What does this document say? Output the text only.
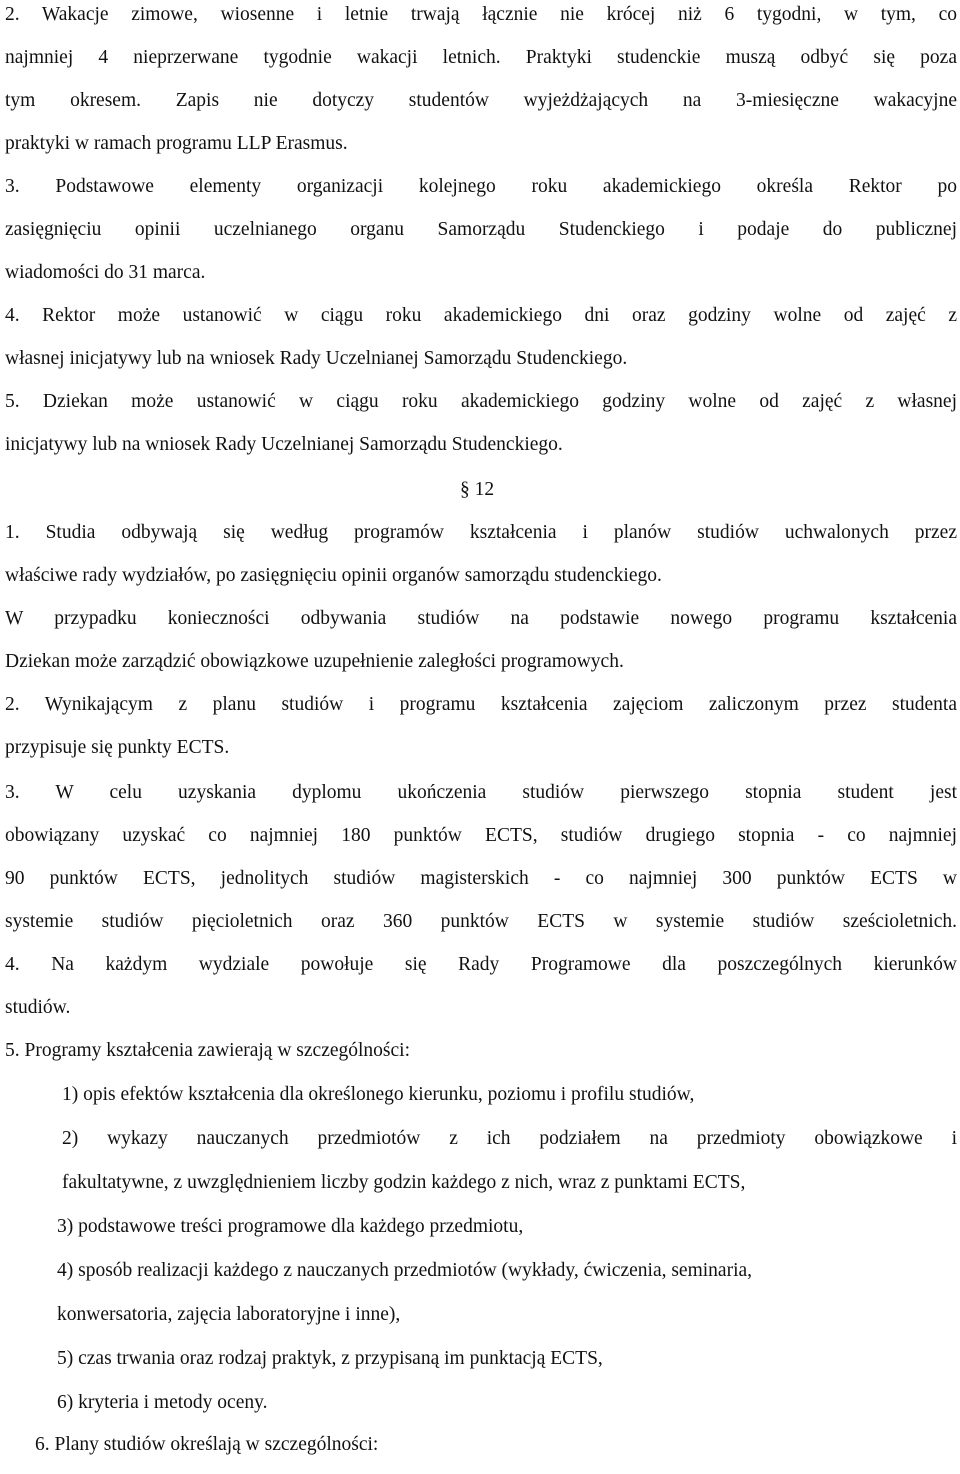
2. Wakacje zimowe, wiosenne i letnie trwają łącznie nie krócej niż 6 tygodni, w tym, co
najmniej 4 nieprzerwane tygodnie wakacji letnich. Praktyki studenckie muszą odbyć się poza
tym okresem. Zapis nie dotyczy studentów wyjeżdżających na 3-miesięczne wakacyjne
praktyki w ramach programu LLP Erasmus.
3. Podstawowe elementy organizacji kolejnego roku akademickiego określa Rektor po
zasięgnięciu opinii uczelnianego organu Samorządu Studenckiego i podaje do publicznej
wiadomości do 31 marca.
4. Rektor może ustanowić w ciągu roku akademickiego dni oraz godziny wolne od zajęć z
własnej inicjatywy lub na wniosek Rady Uczelnianej Samorządu Studenckiego.
5. Dziekan może ustanowić w ciągu roku akademickiego godziny wolne od zajęć z własnej
inicjatywy lub na wniosek Rady Uczelnianej Samorządu Studenckiego.
§ 12
1. Studia odbywają się według programów kształcenia i planów studiów uchwalonych przez
właściwe rady wydziałów, po zasięgnięciu opinii organów samorządu studenckiego.
W przypadku konieczności odbywania studiów na podstawie nowego programu kształcenia
Dziekan może zarządzić obowiązkowe uzupełnienie zaległości programowych.
2. Wynikającym z planu studiów i programu kształcenia zajęciom zaliczonym przez studenta
przypisuje się punkty ECTS.
3. W celu uzyskania dyplomu ukończenia studiów pierwszego stopnia student jest
obowiązany uzyskać co najmniej 180 punktów ECTS, studiów drugiego stopnia - co najmniej
90 punktów ECTS, jednolitych studiów magisterskich - co najmniej 300 punktów ECTS w
systemie studiów pięcioletnich oraz 360 punktów ECTS w systemie studiów sześcioletnich.
4. Na każdym wydziale powołuje się Rady Programowe dla poszczególnych kierunków
studiów.
5. Programy kształcenia zawierają w szczególności:
1) opis efektów kształcenia dla określonego kierunku, poziomu i profilu studiów,
2) wykazy nauczanych przedmiotów z ich podziałem na przedmioty obowiązkowe i
fakultatywne, z uwzględnieniem liczby godzin każdego z nich, wraz z punktami ECTS,
3) podstawowe treści programowe dla każdego przedmiotu,
4) sposób realizacji każdego z nauczanych przedmiotów (wykłady, ćwiczenia, seminaria,
konwersatoria, zajęcia laboratoryjne i inne),
5) czas trwania oraz rodzaj praktyk, z przypisaną im punktacją ECTS,
6) kryteria i metody oceny.
6. Plany studiów określają w szczególności:
